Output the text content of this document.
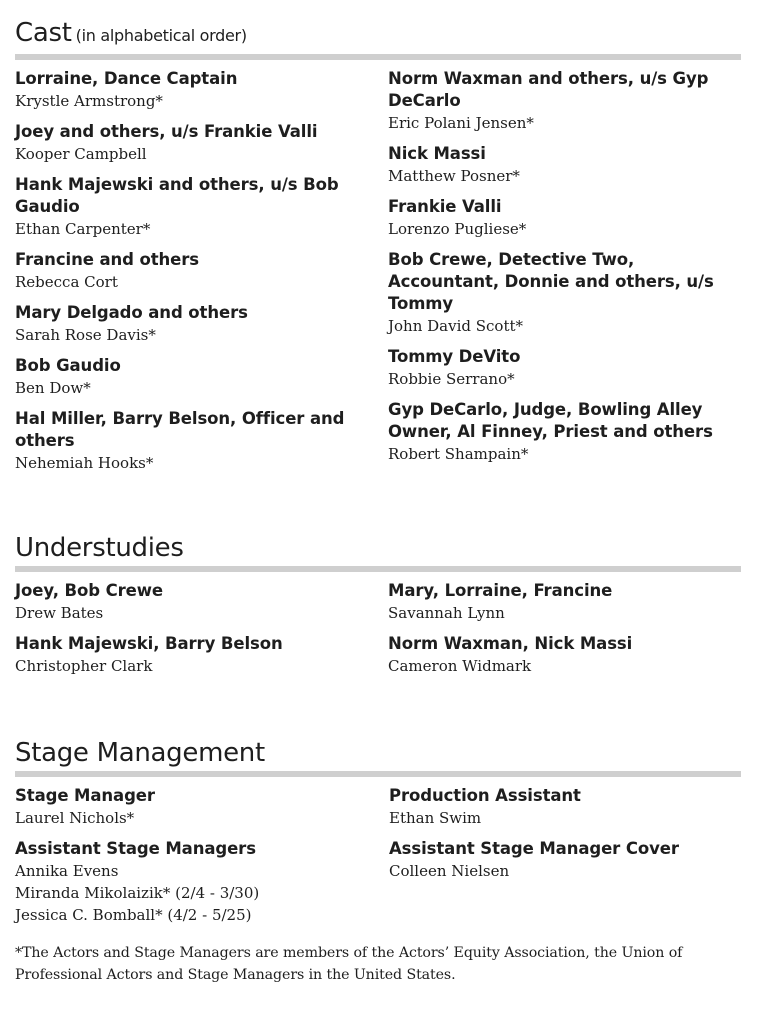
Cast (in alphabetical order)
Lorraine, Dance Captain
Krystle Armstrong*
Joey and others, u/s Frankie Valli
Kooper Campbell
Hank Majewski and others, u/s Bob Gaudio
Ethan Carpenter*
Francine and others
Rebecca Cort
Mary Delgado and others
Sarah Rose Davis*
Bob Gaudio
Ben Dow*
Hal Miller, Barry Belson, Officer and others
Nehemiah Hooks*
Norm Waxman and others, u/s Gyp DeCarlo
Eric Polani Jensen*
Nick Massi
Matthew Posner*
Frankie Valli
Lorenzo Pugliese*
Bob Crewe, Detective Two, Accountant, Donnie and others, u/s Tommy
John David Scott*
Tommy DeVito
Robbie Serrano*
Gyp DeCarlo, Judge, Bowling Alley Owner, Al Finney, Priest and others
Robert Shampain*
Understudies
Joey, Bob Crewe
Drew Bates
Hank Majewski, Barry Belson
Christopher Clark
Mary, Lorraine, Francine
Savannah Lynn
Norm Waxman, Nick Massi
Cameron Widmark
Stage Management
Stage Manager
Laurel Nichols*
Assistant Stage Managers
Annika Evens
Miranda Mikolaizik* (2/4 - 3/30)
Jessica C. Bomball* (4/2 - 5/25)
Production Assistant
Ethan Swim
Assistant Stage Manager Cover
Colleen Nielsen
*The Actors and Stage Managers are members of the Actors’ Equity Association, the Union of Professional Actors and Stage Managers in the United States.
